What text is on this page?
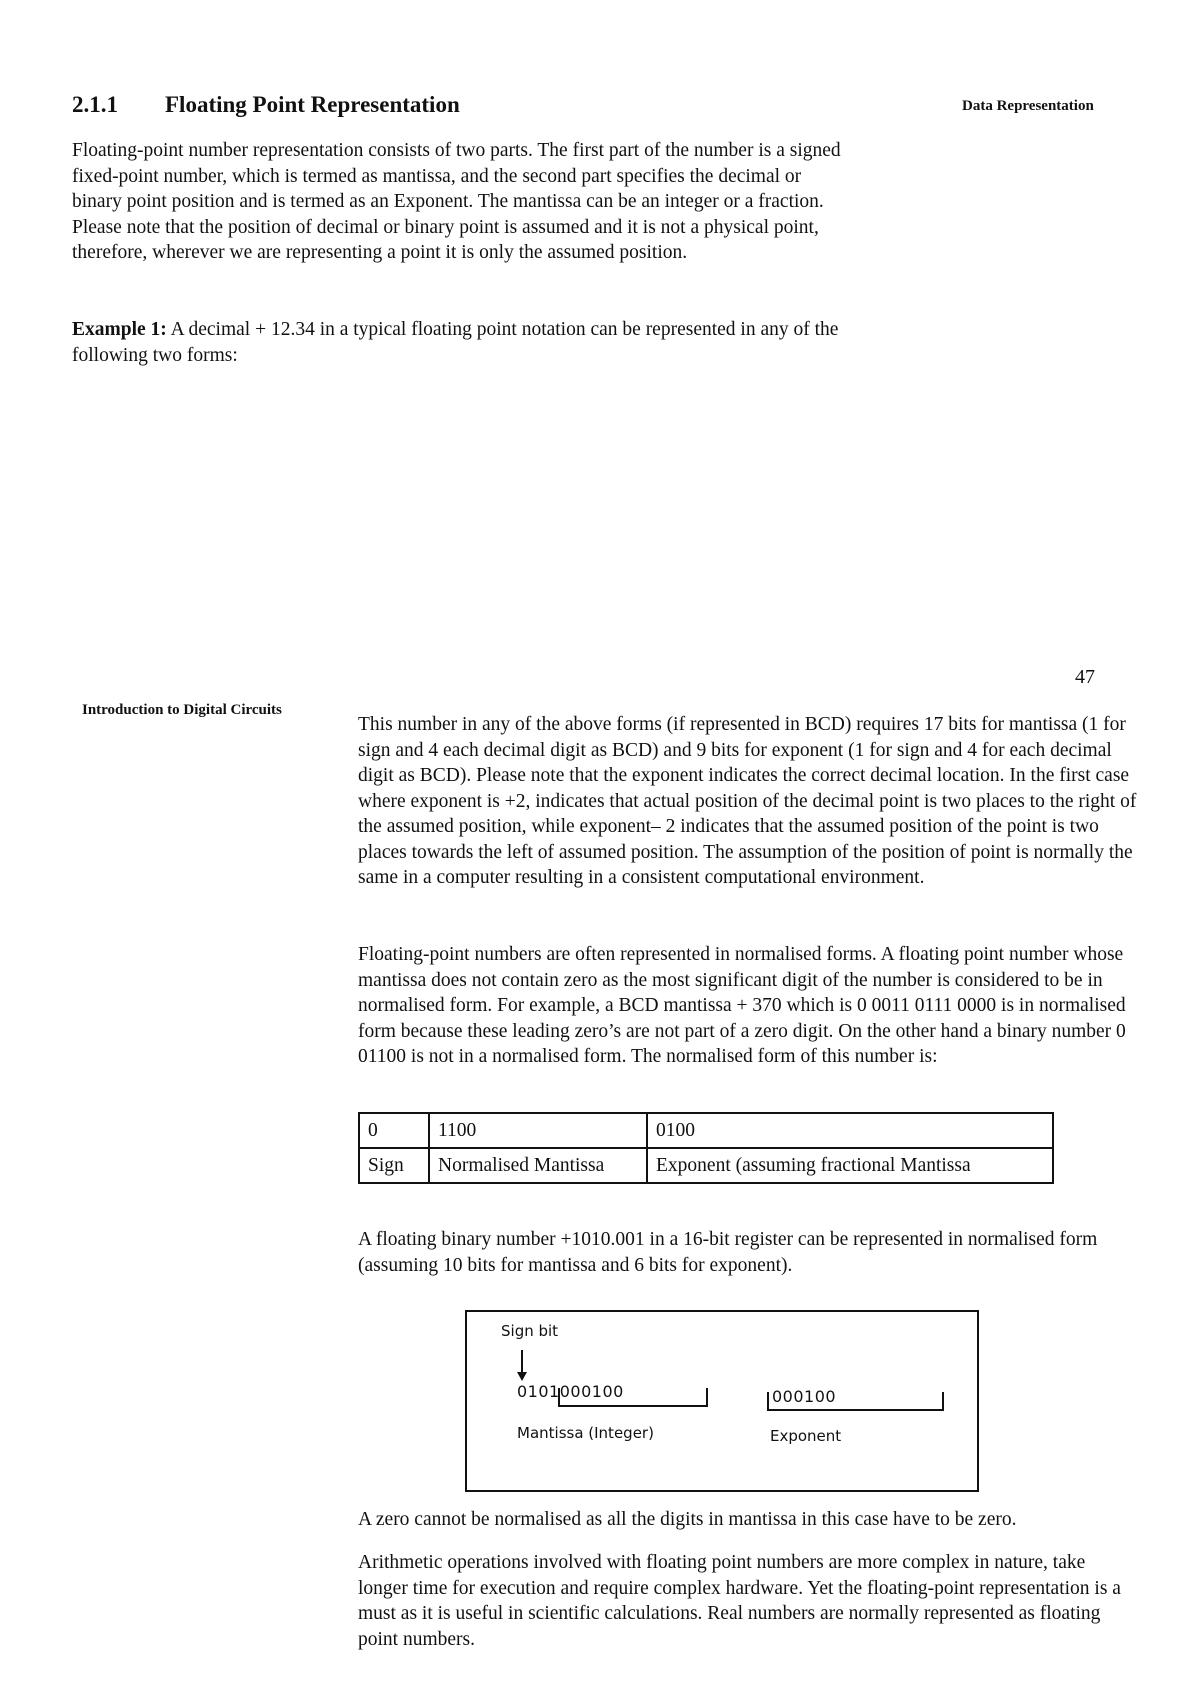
2.1.1 Floating Point Representation	Data Representation

Floating-point number representation consists of two parts. The first part of the number is a signed fixed-point number, which is termed as mantissa, and the second part specifies the decimal or binary point position and is termed as an Exponent. The mantissa can be an integer or a fraction. Please note that the position of decimal or binary point is assumed and it is not a physical point, therefore, wherever we are representing a point it is only the assumed position.

Example 1: A decimal + 12.34 in a typical floating point notation can be represented in any of the following two forms:

47
Introduction to Digital Circuits

This number in any of the above forms (if represented in BCD) requires 17 bits for mantissa (1 for sign and 4 each decimal digit as BCD) and 9 bits for exponent (1 for sign and 4 for each decimal digit as BCD). Please note that the exponent indicates the correct decimal location. In the first case where exponent is +2, indicates that actual position of the decimal point is two places to the right of the assumed position, while exponent– 2 indicates that the assumed position of the point is two places towards the left of assumed position. The assumption of the position of point is normally the same in a computer resulting in a consistent computational environment.

Floating-point numbers are often represented in normalised forms. A floating point number whose mantissa does not contain zero as the most significant digit of the number is considered to be in normalised form. For example, a BCD mantissa + 370 which is 0 0011 0111 0000 is in normalised form because these leading zero’s are not part of a zero digit. On the other hand a binary number 0 01100 is not in a normalised form. The normalised form of this number is:

0	1100	0100
Sign	Normalised Mantissa	Exponent (assuming fractional Mantissa

A floating binary number +1010.001 in a 16-bit register can be represented in normalised form (assuming 10 bits for mantissa and 6 bits for exponent).

Sign bit
0101000100	000100
Mantissa (Integer)	Exponent

A zero cannot be normalised as all the digits in mantissa in this case have to be zero.

Arithmetic operations involved with floating point numbers are more complex in nature, take longer time for execution and require complex hardware. Yet the floating-point representation is a must as it is useful in scientific calculations. Real numbers are normally represented as floating point numbers.
